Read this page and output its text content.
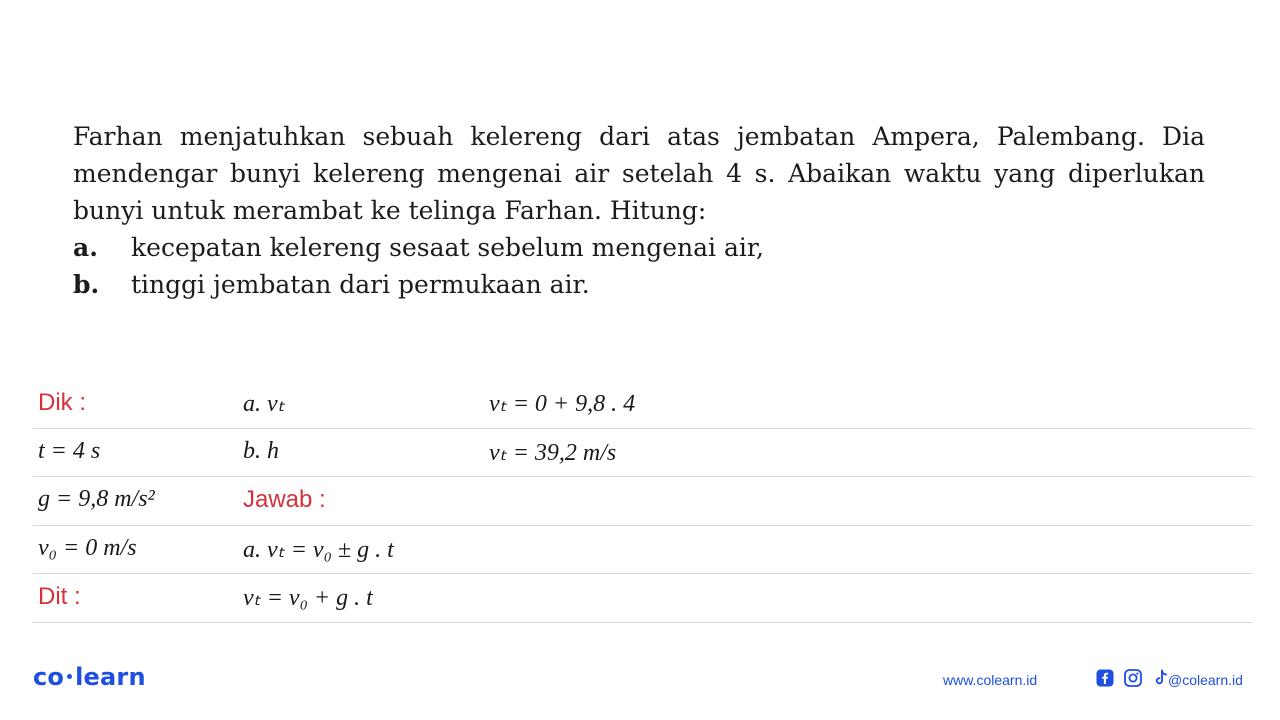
Farhan menjatuhkan sebuah kelereng dari atas jembatan Ampera, Palembang. Dia mendengar bunyi kelereng mengenai air setelah 4 s. Abaikan waktu yang diperlukan bunyi untuk merambat ke telinga Farhan. Hitung:

a.	kecepatan kelereng sesaat sebelum mengenai air,
b.	tinggi jembatan dari permukaan air.
Dik :	a. vₜ	vₜ = 0 + 9,8 . 4
t = 4 s	b. h	vₜ = 39,2 m/s
g = 9,8 m/s²	Jawab :
v₀ = 0 m/s	a. vₜ = v₀ ± g . t
Dit :	vₜ = v₀ + g . t
co learn	www.colearn.id	@colearn.id
